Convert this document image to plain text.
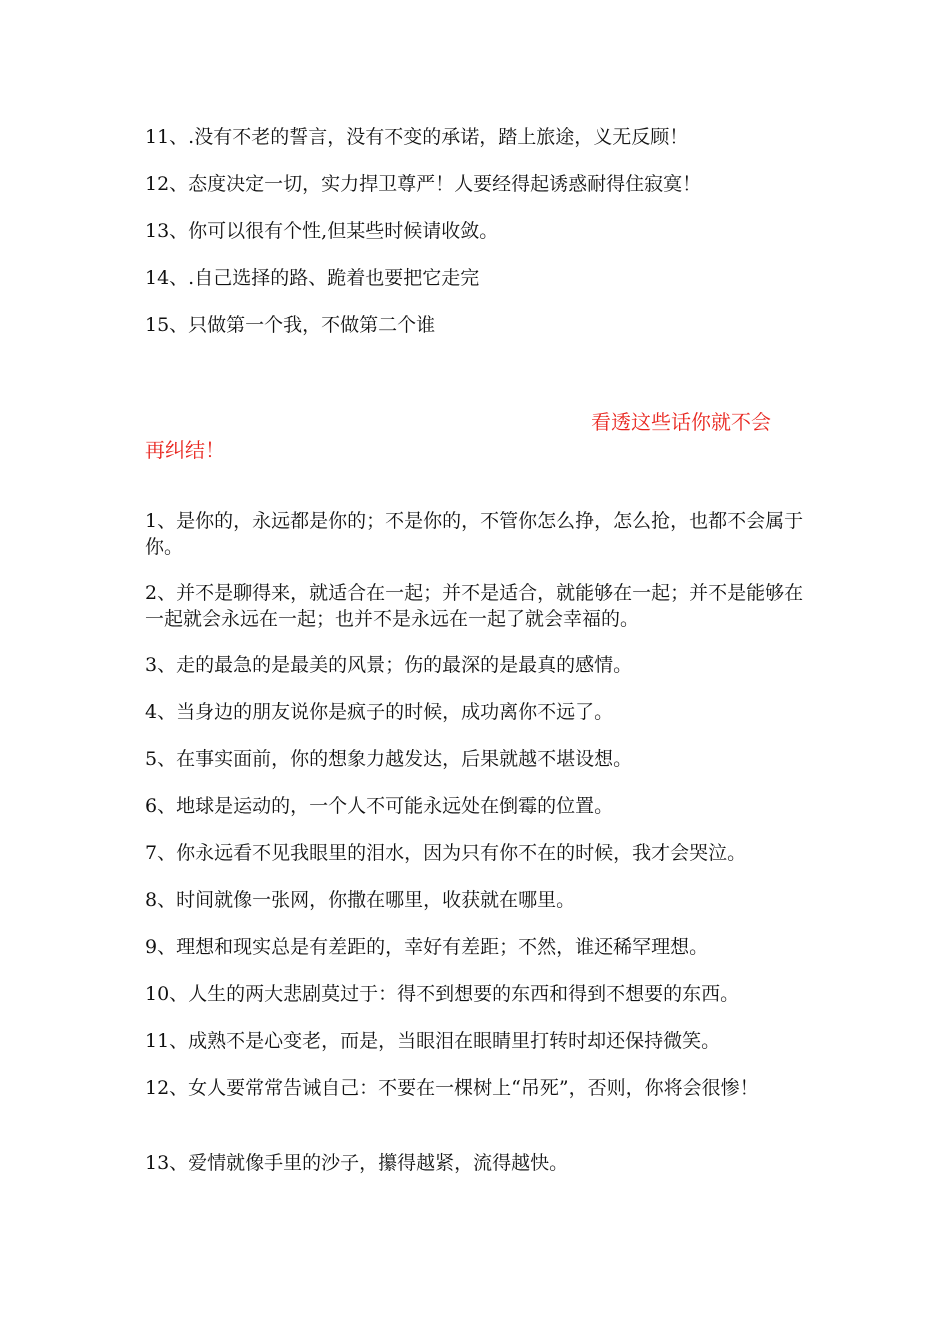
11、.没有不老的誓言，没有不变的承诺，踏上旅途，义无反顾！
12、态度决定一切，实力捍卫尊严！人要经得起诱惑耐得住寂寞！
13、你可以很有个性,但某些时候请收敛。
14、.自己选择的路、跪着也要把它走完
15、只做第一个我，不做第二个谁
看透这些话你就不会
再纠结！
1、是你的，永远都是你的；不是你的，不管你怎么挣，怎么抢，也都不会属于你。
2、并不是聊得来，就适合在一起；并不是适合，就能够在一起；并不是能够在一起就会永远在一起；也并不是永远在一起了就会幸福的。
3、走的最急的是最美的风景；伤的最深的是最真的感情。
4、当身边的朋友说你是疯子的时候，成功离你不远了。
5、在事实面前，你的想象力越发达，后果就越不堪设想。
6、地球是运动的，一个人不可能永远处在倒霉的位置。
7、你永远看不见我眼里的泪水，因为只有你不在的时候，我才会哭泣。
8、时间就像一张网，你撒在哪里，收获就在哪里。
9、理想和现实总是有差距的，幸好有差距；不然，谁还稀罕理想。
10、人生的两大悲剧莫过于：得不到想要的东西和得到不想要的东西。
11、成熟不是心变老，而是，当眼泪在眼睛里打转时却还保持微笑。
12、女人要常常告诫自己：不要在一棵树上“吊死”，否则，你将会很惨！
13、爱情就像手里的沙子，攥得越紧，流得越快。
